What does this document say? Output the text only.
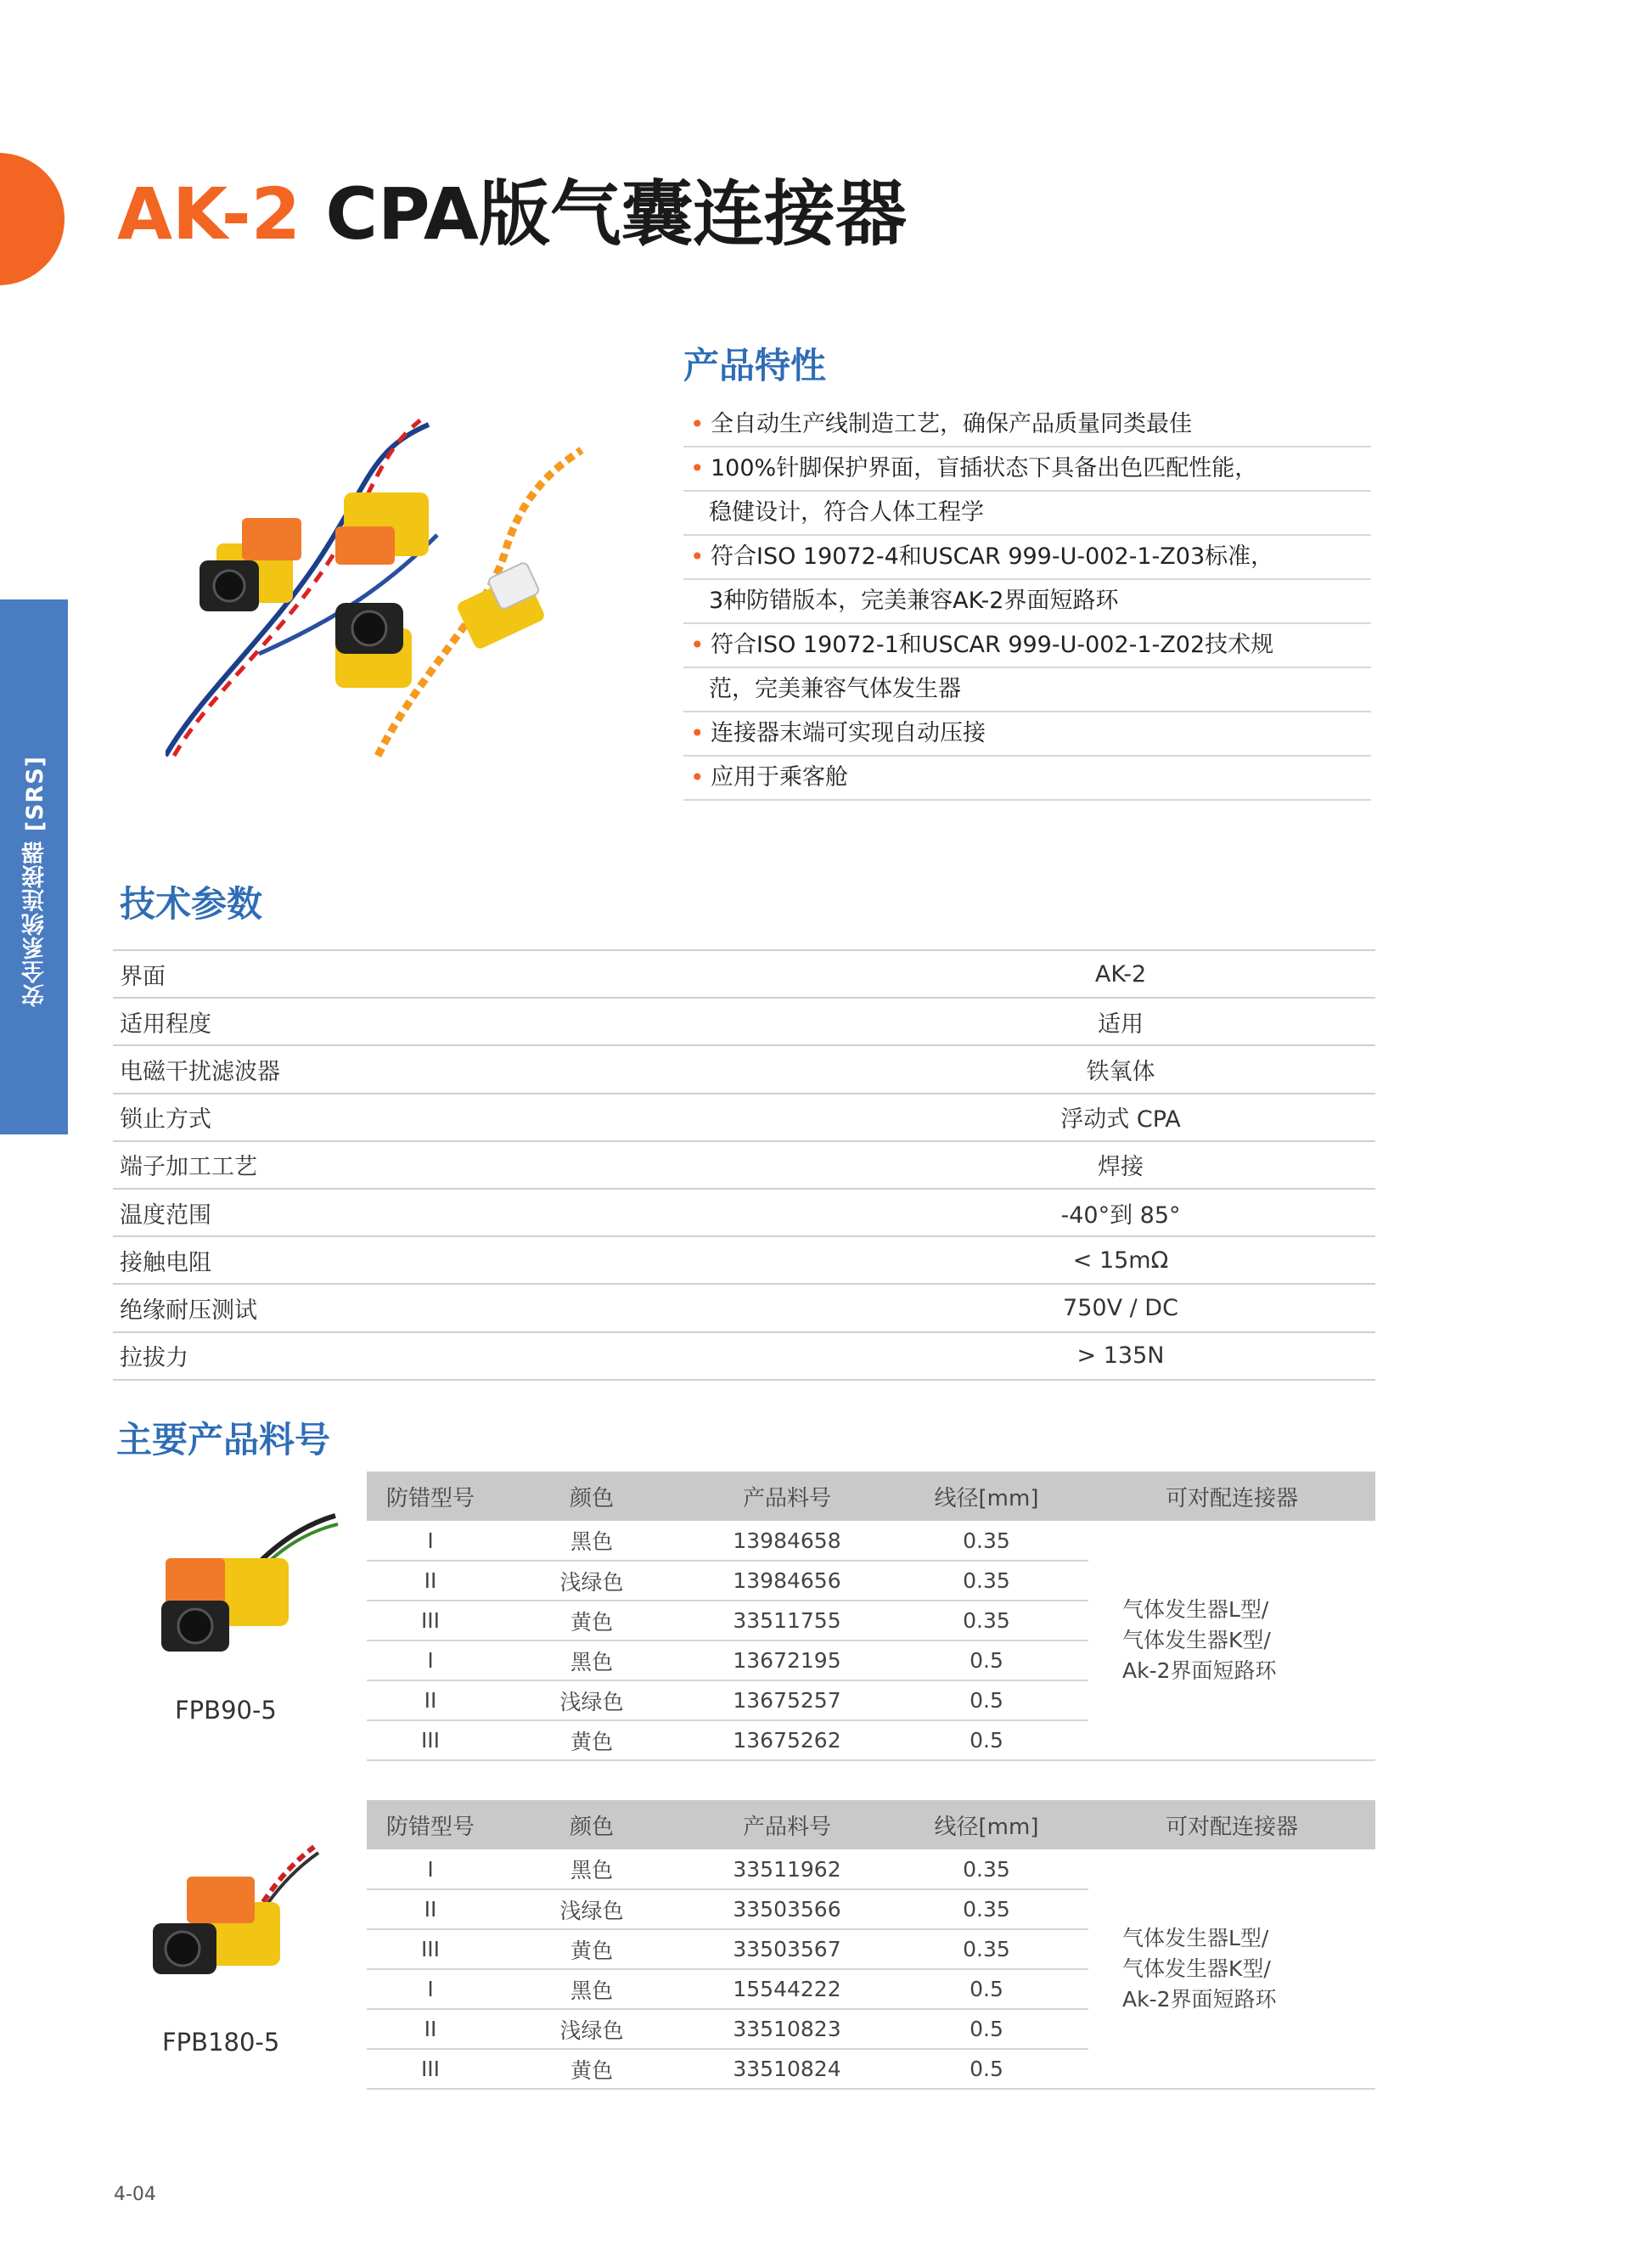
安全系统连接器 [SRS]
AK-2 CPA版气囊连接器
产品特性
• 全自动生产线制造工艺，确保产品质量同类最佳
• 100%针脚保护界面，盲插状态下具备出色匹配性能，
稳健设计，符合人体工程学
• 符合ISO 19072-4和USCAR 999-U-002-1-Z03标准，
3种防错版本，完美兼容AK-2界面短路环
• 符合ISO 19072-1和USCAR 999-U-002-1-Z02技术规
范，完美兼容气体发生器
• 连接器末端可实现自动压接
• 应用于乘客舱
技术参数
界面	AK-2
适用程度	适用
电磁干扰滤波器	铁氧体
锁止方式	浮动式 CPA
端子加工工艺	焊接
温度范围	-40°到 85°
接触电阻	< 15mΩ
绝缘耐压测试	750V / DC
拉拔力	> 135N
主要产品料号
FPB90-5
防错型号	颜色	产品料号	线径[mm]	可对配连接器
I	黑色	13984658	0.35	气体发生器L型/
气体发生器K型/
Ak-2界面短路环

II	浅绿色	13984656	0.35	
III	黄色	33511755	0.35	
I	黑色	13672195	0.5	
II	浅绿色	13675257	0.5	
III	黄色	13675262	0.5	
FPB180-5
防错型号	颜色	产品料号	线径[mm]	可对配连接器
I	黑色	33511962	0.35	气体发生器L型/
气体发生器K型/
Ak-2界面短路环

II	浅绿色	33503566	0.35	
III	黄色	33503567	0.35	
I	黑色	15544222	0.5	
II	浅绿色	33510823	0.5	
III	黄色	33510824	0.5	
4-04
